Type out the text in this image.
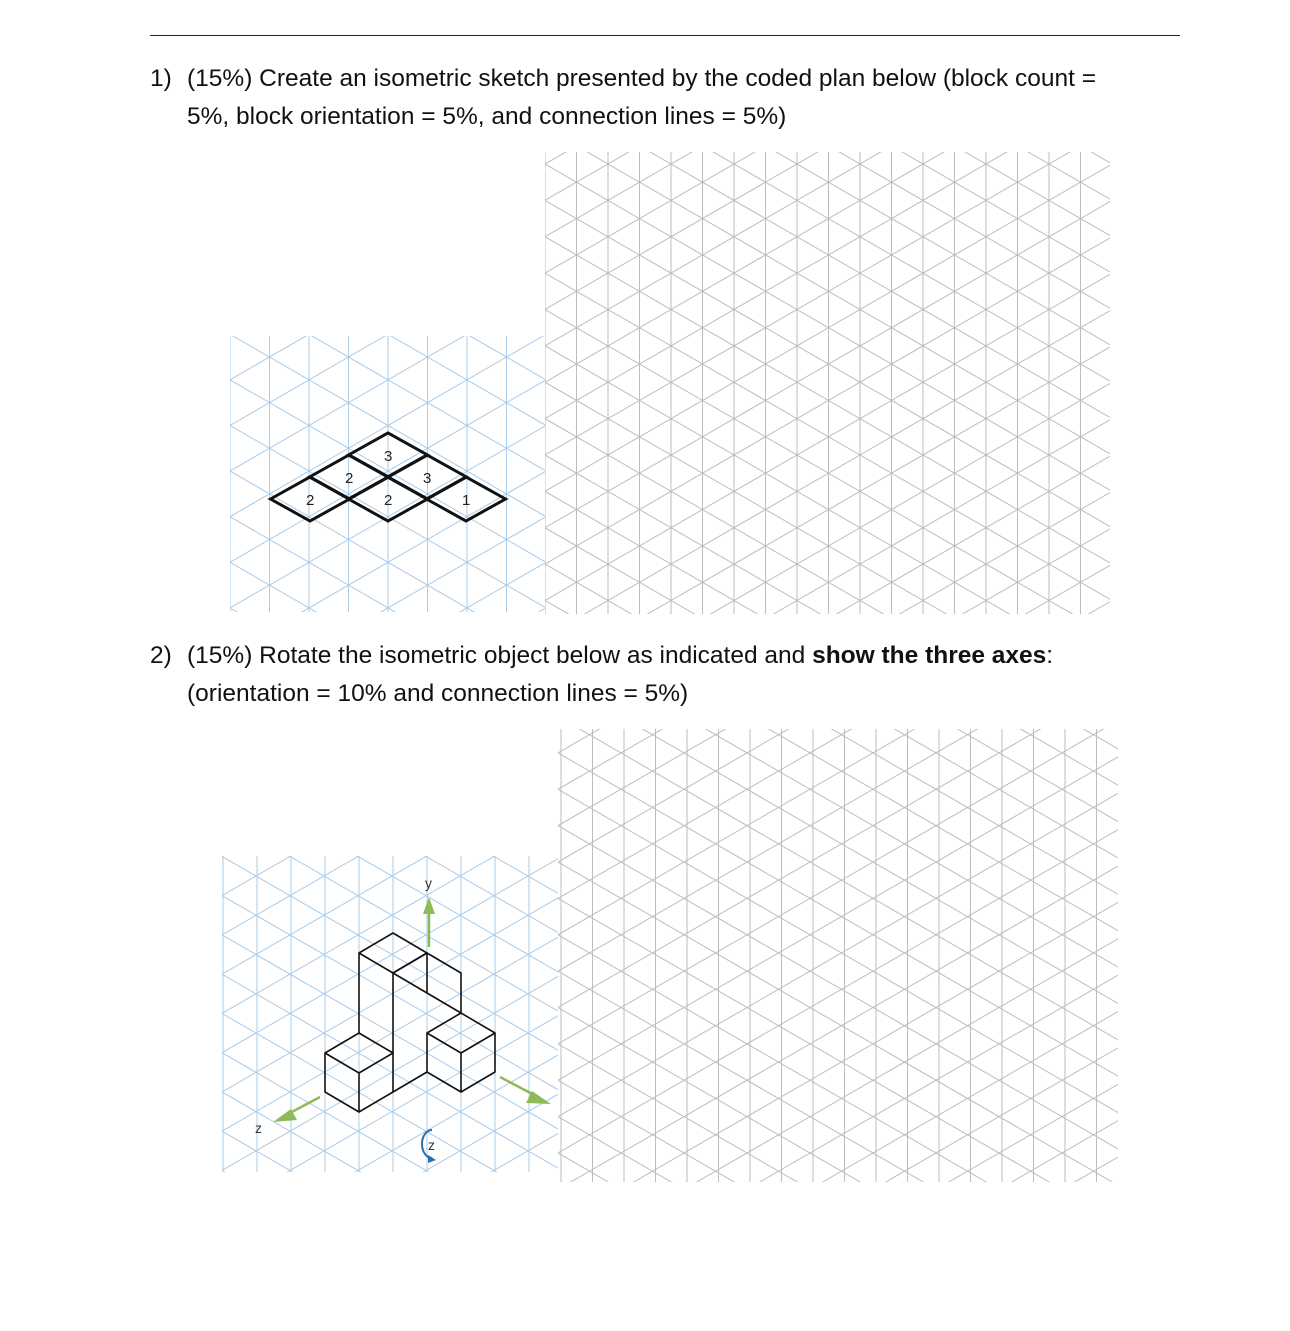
1) (15%) Create an isometric sketch presented by the coded plan below (block count =
5%, block orientation = 5%, and connection lines = 5%)
2
2
3
2
3
1
2) (15%) Rotate the isometric object below as indicated and show the three axes:
(orientation = 10% and connection lines = 5%)
y
z
z
